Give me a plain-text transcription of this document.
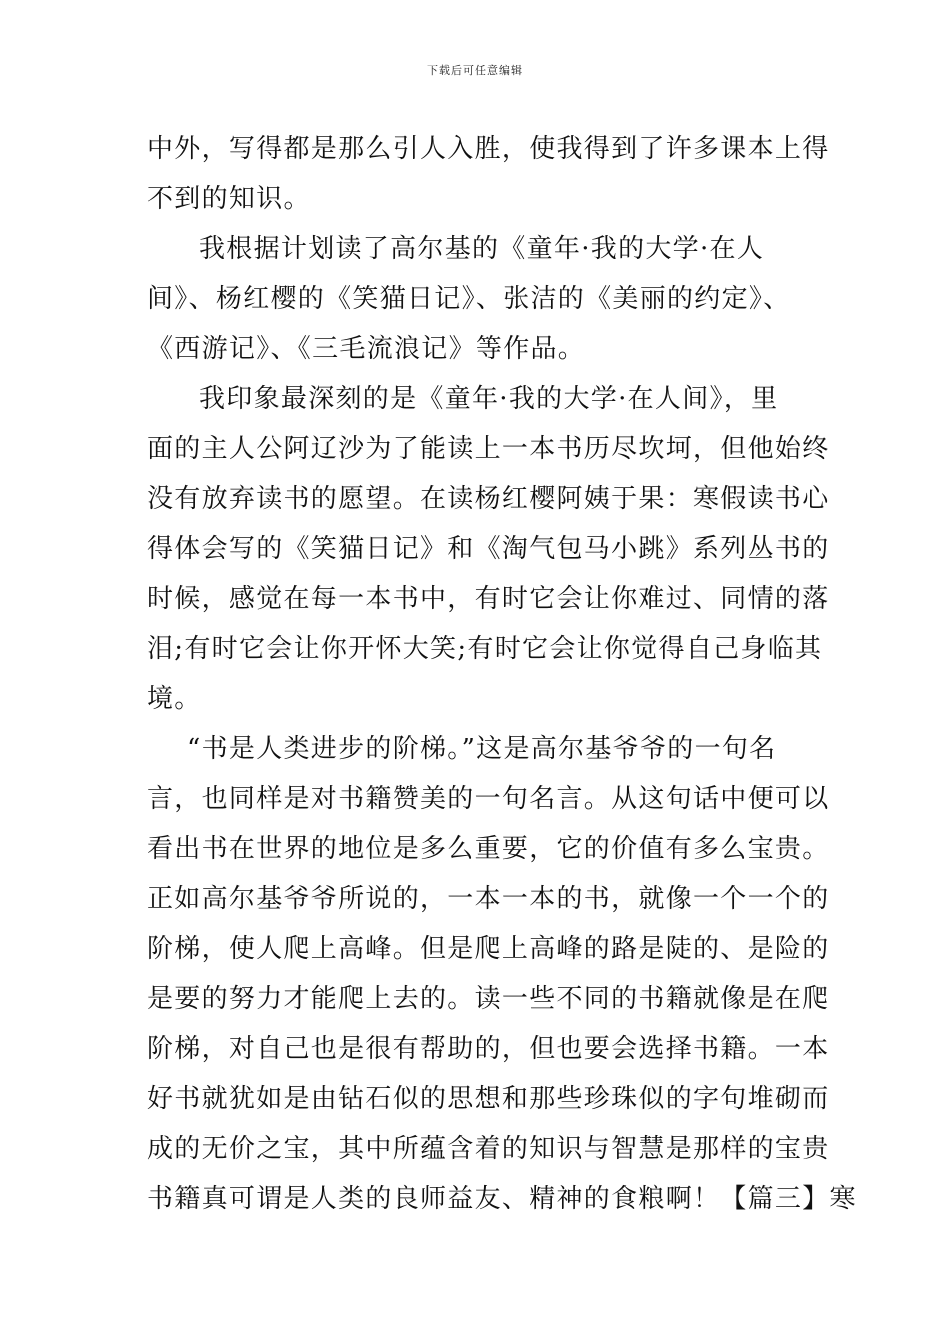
下载后可任意编辑
中外，写得都是那么引人入胜，使我得到了许多课本上得
不到的知识。
我根据计划读了高尔基的《童年·我的大学·在人
间》、杨红樱的《笑猫日记》、张洁的《美丽的约定》、
《西游记》、《三毛流浪记》等作品。
我印象最深刻的是《童年·我的大学·在人间》，里
面的主人公阿辽沙为了能读上一本书历尽坎坷，但他始终
没有放弃读书的愿望。在读杨红樱阿姨于果：寒假读书心
得体会写的《笑猫日记》和《淘气包马小跳》系列丛书的
时候，感觉在每一本书中，有时它会让你难过、同情的落
泪;有时它会让你开怀大笑;有时它会让你觉得自己身临其
境。
“书是人类进步的阶梯。”这是高尔基爷爷的一句名
言，也同样是对书籍赞美的一句名言。从这句话中便可以
看出书在世界的地位是多么重要，它的价值有多么宝贵。
正如高尔基爷爷所说的，一本一本的书，就像一个一个的
阶梯，使人爬上高峰。但是爬上高峰的路是陡的、是险的
是要的努力才能爬上去的。读一些不同的书籍就像是在爬
阶梯，对自己也是很有帮助的，但也要会选择书籍。一本
好书就犹如是由钻石似的思想和那些珍珠似的字句堆砌而
成的无价之宝，其中所蕴含着的知识与智慧是那样的宝贵
书籍真可谓是人类的良师益友、精神的食粮啊！【篇三】寒
